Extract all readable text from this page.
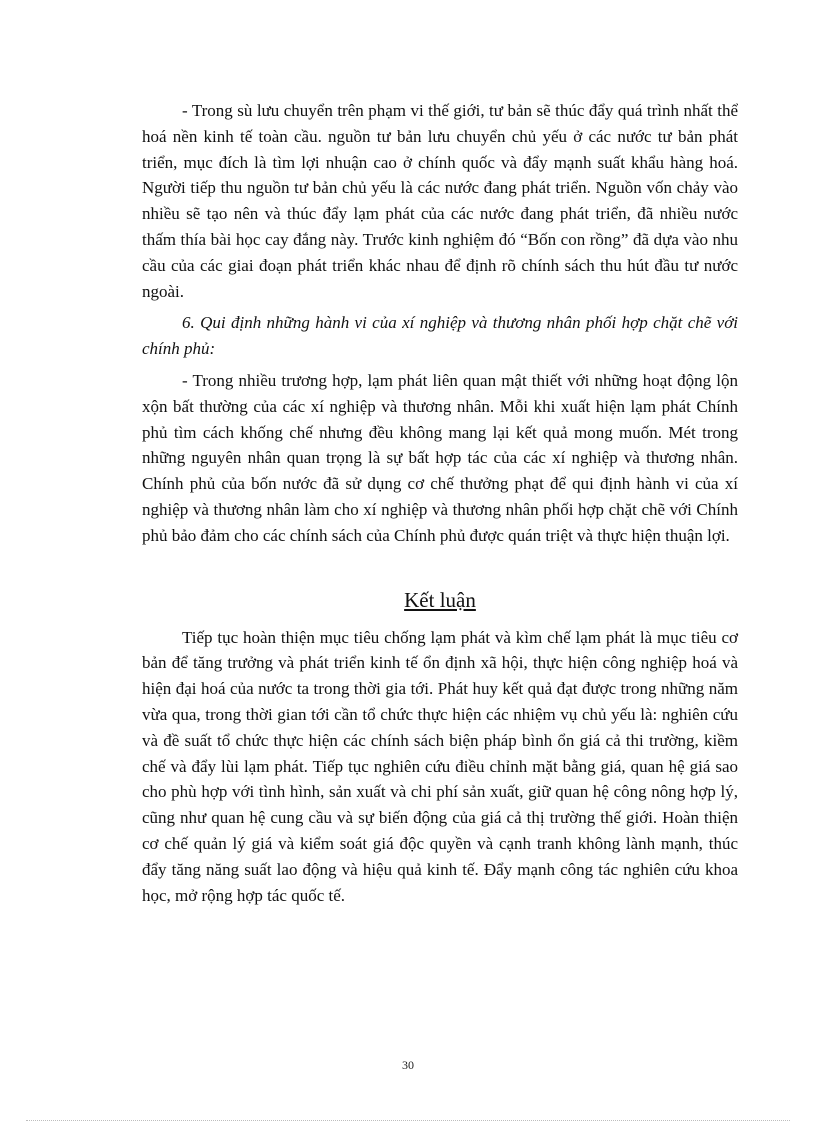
- Trong sù lưu chuyển trên phạm vi thế giới, tư bản sẽ thúc đẩy quá trình nhất thể hoá nền kinh tế toàn cầu. nguồn tư bản lưu chuyển chủ yếu ở các nước tư bản phát triển, mục đích là tìm lợi nhuận cao ở chính quốc và đẩy mạnh suất khẩu hàng hoá. Người tiếp thu nguồn tư bản chủ yếu là các nước đang phát triển. Nguồn vốn chảy vào nhiều sẽ tạo nên và thúc đẩy lạm phát của các nước đang phát triển, đã nhiều nước thấm thía bài học cay đắng này. Trước kinh nghiệm đó “Bốn con rồng” đã dựa vào nhu cầu của các giai đoạn phát triển khác nhau để định rõ chính sách thu hút đầu tư nước ngoài.

6. Qui định những hành vi của xí nghiệp và thương nhân phối hợp chặt chẽ với chính phủ:

- Trong nhiều trương hợp, lạm phát liên quan mật thiết với những hoạt động lộn xộn bất thường của các xí nghiệp và thương nhân. Mỗi khi xuất hiện lạm phát Chính phủ tìm cách khống chế nhưng đều không mang lại kết quả mong muốn. Mét trong những nguyên nhân quan trọng là sự bất hợp tác của các xí nghiệp và thương nhân. Chính phủ của bốn nước đã sử dụng cơ chế thưởng phạt để qui định hành vi của xí nghiệp và thương nhân làm cho xí nghiệp và thương nhân phối hợp chặt chẽ với Chính phủ bảo đảm cho các chính sách của Chính phủ được quán triệt và thực hiện thuận lợi.

Kết luận

Tiếp tục hoàn thiện mục tiêu chống lạm phát và kìm chế lạm phát là mục tiêu cơ bản để tăng trưởng và phát triển kinh tế ổn định xã hội, thực hiện công nghiệp hoá và hiện đại hoá của nước ta trong thời gia tới. Phát huy kết quả đạt được trong những năm vừa qua, trong thời gian tới cần tổ chức thực hiện các nhiệm vụ chủ yếu là: nghiên cứu và đề suất tổ chức thực hiện các chính sách biện pháp bình ổn giá cả thi trường, kiềm chế và đẩy lùi lạm phát. Tiếp tục nghiên cứu điều chỉnh mặt bằng giá, quan hệ giá sao cho phù hợp với tình hình, sản xuất và chi phí sản xuất, giữ quan hệ công nông hợp lý, cũng như quan hệ cung cầu và sự biến động của giá cả thị trường thế giới. Hoàn thiện cơ chế quản lý giá và kiểm soát giá độc quyền và cạnh tranh không lành mạnh, thúc đẩy tăng năng suất lao động và hiệu quả kinh tế. Đẩy mạnh công tác nghiên cứu khoa học, mở rộng hợp tác quốc tế.

30
